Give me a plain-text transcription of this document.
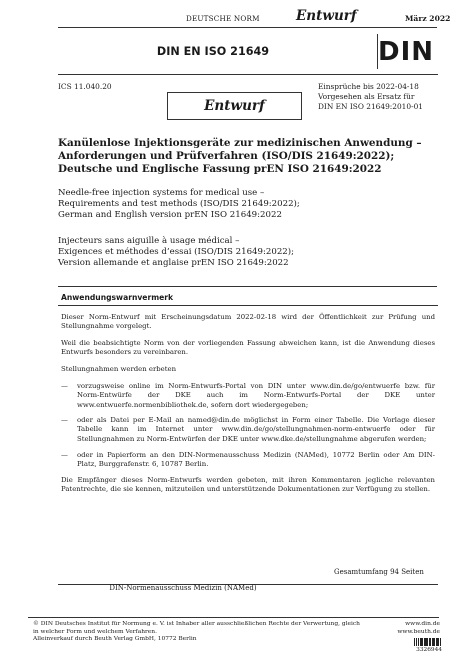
DEUTSCHE NORM	Entwurf	März 2022
DIN EN ISO 21649	DIN
ICS 11.040.20	Einsprüche bis 2022-04-18
Vorgesehen als Ersatz für
DIN EN ISO 21649:2010-01
Entwurf
Kanülenlose Injektionsgeräte zur medizinischen Anwendung –
Anforderungen und Prüfverfahren (ISO/DIS 21649:2022);
Deutsche und Englische Fassung prEN ISO 21649:2022
Needle-free injection systems for medical use –
Requirements and test methods (ISO/DIS 21649:2022);
German and English version prEN ISO 21649:2022
Injecteurs sans aiguille à usage médical –
Exigences et méthodes d’essai (ISO/DIS 21649:2022);
Version allemande et anglaise prEN ISO 21649:2022
Anwendungswarnvermerk
Dieser Norm-Entwurf mit Erscheinungsdatum 2022-02-18 wird der Öffentlichkeit zur Prüfung und Stellungnahme vorgelegt.
Weil die beabsichtigte Norm von der vorliegenden Fassung abweichen kann, ist die Anwendung dieses Entwurfs besonders zu vereinbaren.
Stellungnahmen werden erbeten
— vorzugsweise online im Norm-Entwurfs-Portal von DIN unter www.din.de/go/entwuerfe bzw. für Norm-Entwürfe der DKE auch im Norm-Entwurfs-Portal der DKE unter www.entwuerfe.normenbibliothek.de, sofern dort wiedergegeben;
— oder als Datei per E-Mail an named@din.de möglichst in Form einer Tabelle. Die Vorlage dieser Tabelle kann im Internet unter www.din.de/go/stellungnahmen-norm-entwuerfe oder für Stellungnahmen zu Norm-Entwürfen der DKE unter www.dke.de/stellungnahme abgerufen werden;
— oder in Papierform an den DIN-Normenausschuss Medizin (NAMed), 10772 Berlin oder Am DIN-Platz, Burggrafenstr. 6, 10787 Berlin.
Die Empfänger dieses Norm-Entwurfs werden gebeten, mit ihren Kommentaren jegliche relevanten Patentrechte, die sie kennen, mitzuteilen und unterstützende Dokumentationen zur Verfügung zu stellen.
Gesamtumfang 94 Seiten
DIN-Normenausschuss Medizin (NAMed)
© DIN Deutsches Institut für Normung e. V. ist Inhaber aller ausschließlichen Rechte der Verwertung, gleich in welcher Form und welchem Verfahren.
Alleinverkauf durch Beuth Verlag GmbH, 10772 Berlin
www.din.de
www.beuth.de
3326944
